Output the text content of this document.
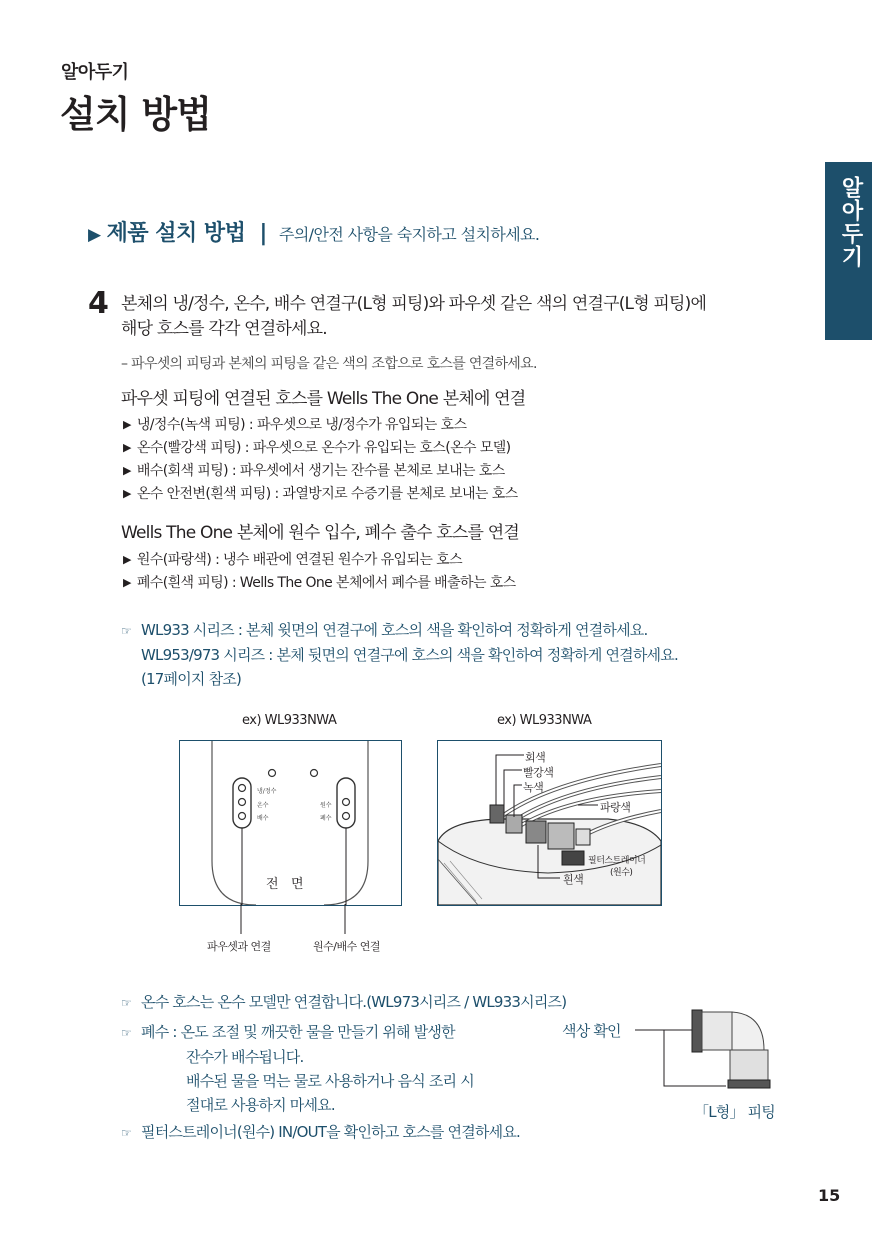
알아두기
설치 방법
알아두기
▶ 제품 설치 방법 | 주의/안전 사항을 숙지하고 설치하세요.
4 본체의 냉/정수, 온수, 배수 연결구(L형 피팅)와 파우셋 같은 색의 연결구(L형 피팅)에
해당 호스를 각각 연결하세요.
– 파우셋의 피팅과 본체의 피팅을 같은 색의 조합으로 호스를 연결하세요.
파우셋 피팅에 연결된 호스를 Wells The One 본체에 연결
▶ 냉/정수(녹색 피팅) : 파우셋으로 냉/정수가 유입되는 호스
▶ 온수(빨강색 피팅) : 파우셋으로 온수가 유입되는 호스(온수 모델)
▶ 배수(회색 피팅) : 파우셋에서 생기는 잔수를 본체로 보내는 호스
▶ 온수 안전변(흰색 피팅) : 과열방지로 수증기를 본체로 보내는 호스
Wells The One 본체에 원수 입수, 폐수 출수 호스를 연결
▶ 원수(파랑색) : 냉수 배관에 연결된 원수가 유입되는 호스
▶ 폐수(흰색 피팅) : Wells The One 본체에서 폐수를 배출하는 호스
☞ WL933 시리즈 : 본체 윗면의 연결구에 호스의 색을 확인하여 정확하게 연결하세요.
WL953/973 시리즈 : 본체 뒷면의 연결구에 호스의 색을 확인하여 정확하게 연결하세요.
(17페이지 참조)
ex) WL933NWA
냉/정수
온수
배수
원수
폐수
전   면
파우셋과 연결	원수/배수 연결
ex) WL933NWA
회색
빨강색
녹색
파랑색
필터스트레이너
(원수)
흰색
☞ 온수 호스는 온수 모델만 연결합니다.(WL973시리즈 / WL933시리즈)
☞ 폐수 : 온도 조절 및 깨끗한 물을 만들기 위해 발생한
잔수가 배수됩니다.
배수된 물을 먹는 물로 사용하거나 음식 조리 시
절대로 사용하지 마세요.
☞ 필터스트레이너(원수) IN/OUT을 확인하고 호스를 연결하세요.
색상 확인
「L형」 피팅
15
